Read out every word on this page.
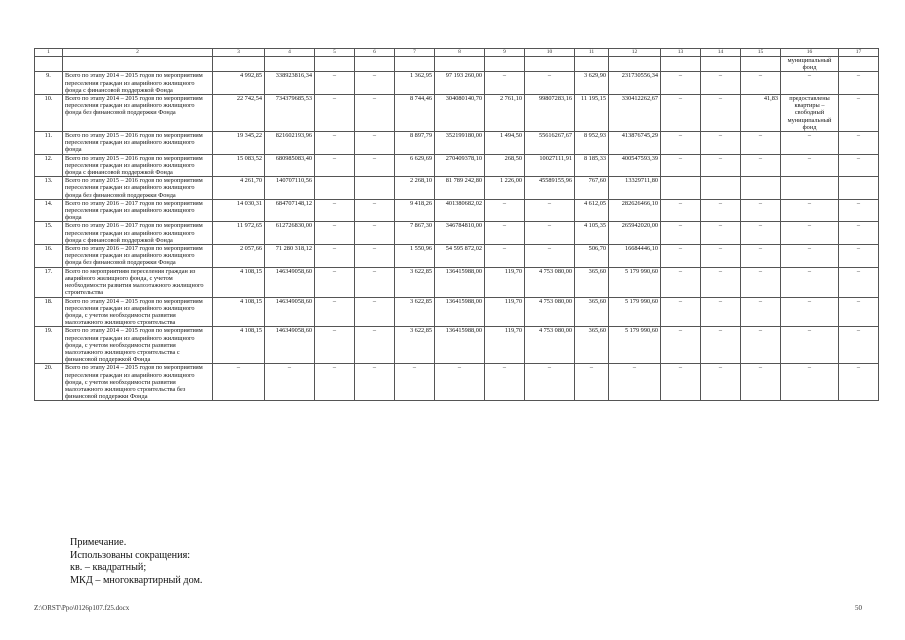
1	2	3	4	5	6	7	8	9	10	11	12	13	14	15	16	17
															муниципальный фонд	
9.	Всего по этапу 2014 – 2015 годов по мероприятиям переселения граждан из аварийного жилищного фонда с финансовой поддержкой Фонда	4 992,85	338923816,34	–	–	1 362,95	97 193 260,00	–	–	3 629,90	231730556,34	–	–	–	–	–
10.	Всего по этапу 2014 – 2015 годов по мероприятиям переселения граждан из аварийного жилищного фонда без финансовой поддержки Фонда	22 742,54	734379685,53	–	–	8 744,46	304080140,70	2 761,10	99807283,16	11 195,15	330412262,67	–	–	41,83	предоставлены квартиры – свободный муниципальный фонд	–
11.	Всего по этапу 2015 – 2016 годов по мероприятиям переселения граждан из аварийного жилищного фонда	19 345,22	821602193,96	–	–	8 897,79	352199180,00	1 494,50	55616267,67	8 952,93	413876745,29	–	–	–	–	–
12.	Всего по этапу 2015 – 2016 годов по мероприятиям переселения граждан из аварийного жилищного фонда с финансовой поддержкой Фонда	15 083,52	680985083,40	–	–	6 629,69	270409378,10	268,50	10027111,91	8 185,33	400547593,39	–	–	–	–	–
13.	Всего по этапу 2015 – 2016 годов по мероприятиям переселения граждан из аварийного жилищного фонда без финансовой поддержки Фонда	4 261,70	140707110,56			2 268,10	81 789 242,80	1 226,00	45589155,96	767,60	13329711,80					
14.	Всего по этапу 2016 – 2017 годов по мероприятиям переселения граждан из аварийного жилищного фонда	14 030,31	684707148,12	–	–	9 418,26	401380682,02	–	–	4 612,05	282626466,10	–	–	–	–	–
15.	Всего по этапу 2016 – 2017 годов по мероприятиям переселения граждан из аварийного жилищного фонда с финансовой поддержкой Фонда	11 972,65	612726830,00	–	–	7 867,30	346784810,00	–	–	4 105,35	265942020,00	–	–	–	–	–
16.	Всего по этапу 2016 – 2017 годов по мероприятиям переселения граждан из аварийного жилищного фонда без финансовой поддержки Фонда	2 057,66	71 280 318,12	–	–	1 550,96	54 595 872,02	–	–	506,70	16684446,10	–	–	–	–	–
17.	Всего по мероприятиям переселения граждан из аварийного жилищного фонда, с учетом необходимости развития малоэтажного жилищного строительства	4 108,15	146349058,60	–	–	3 622,85	136415988,00	119,70	4 753 080,00	365,60	5 179 990,60	–	–	–	–	–
18.	Всего по этапу 2014 – 2015 годов по мероприятиям переселения граждан из аварийного жилищного фонда, с учетом необходимости развития малоэтажного жилищного строительства	4 108,15	146349058,60	–	–	3 622,85	136415988,00	119,70	4 753 080,00	365,60	5 179 990,60	–	–	–	–	–
19.	Всего по этапу 2014 – 2015 годов по мероприятиям переселения граждан из аварийного жилищного фонда, с учетом необходимости развития малоэтажного жилищного строительства с финансовой поддержкой Фонда	4 108,15	146349058,60	–	–	3 622,85	136415988,00	119,70	4 753 080,00	365,60	5 179 990,60	–	–	–	–	–
20.	Всего по этапу 2014 – 2015 годов по мероприятиям переселения граждан из аварийного жилищного фонда, с учетом необходимости развития малоэтажного жилищного строительства без финансовой поддержки Фонда	–	–	–	–	–	–	–	–	–	–	–	–	–	–	–
Примечание.
Использованы сокращения:
кв. – квадратный;
МКД – многоквартирный дом.
Z:\ORST\Ppo\0126p107.f25.docx	50
